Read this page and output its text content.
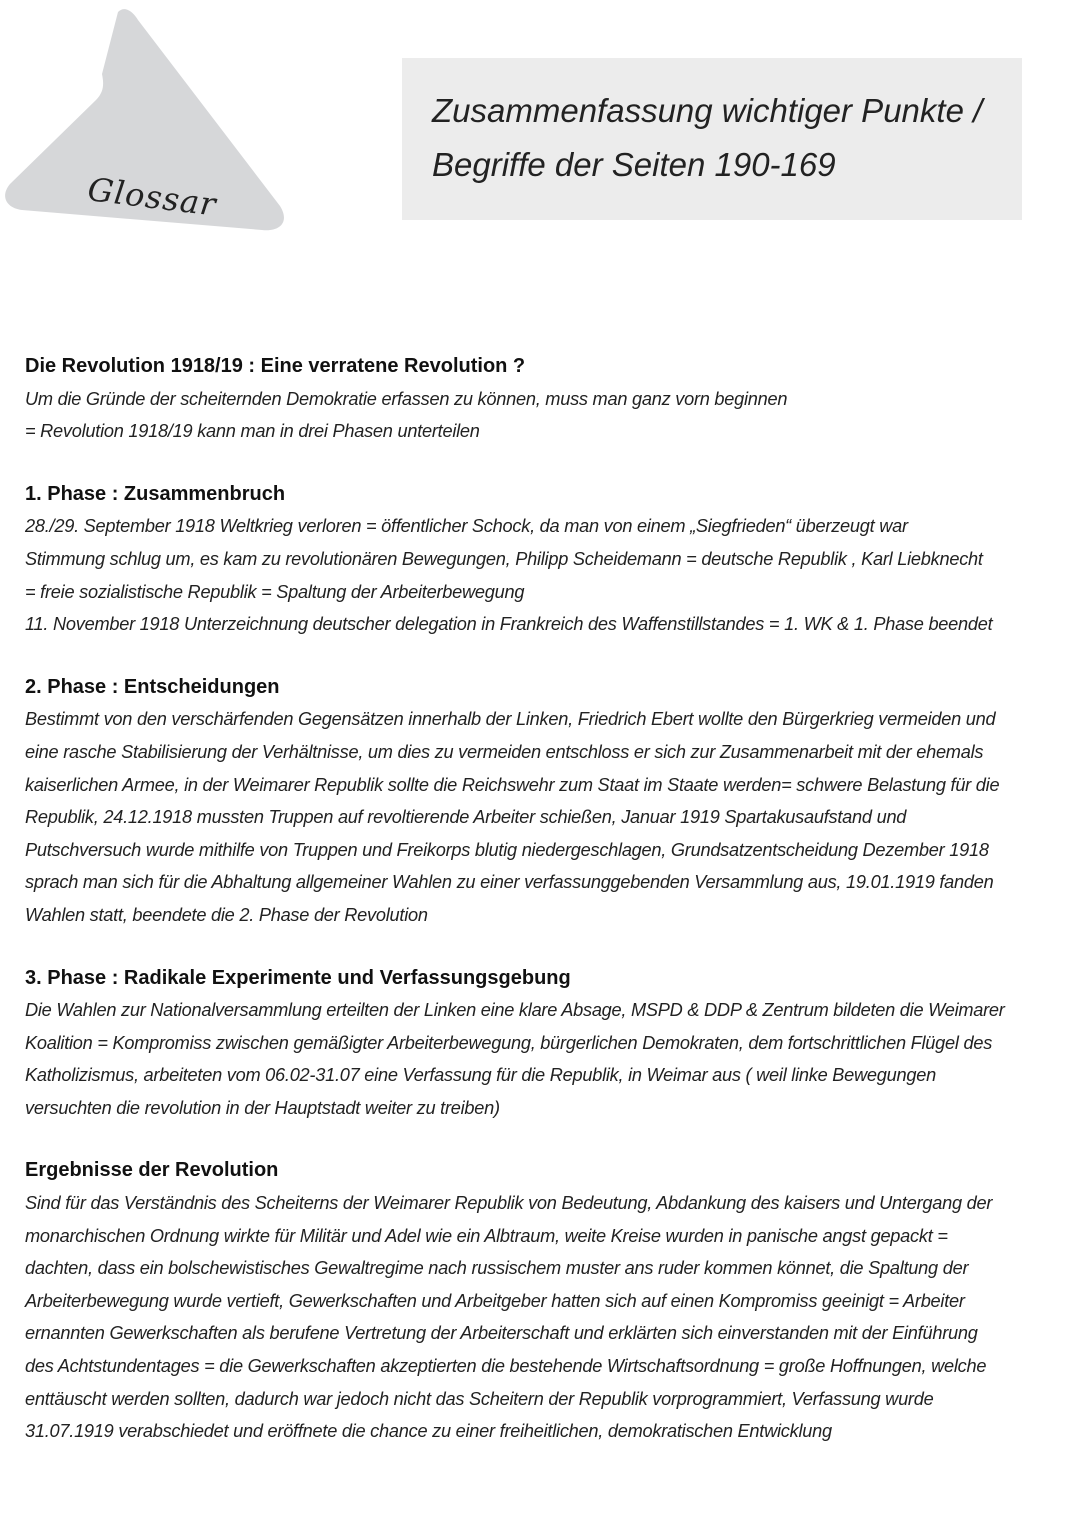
Glossar
Zusammenfassung wichtiger Punkte /
Begriffe der Seiten 190-169
Die Revolution 1918/19 : Eine verratene Revolution ?

Um die Gründe der scheiternden Demokratie erfassen zu können, muss man ganz vorn beginnen

= Revolution 1918/19 kann man in drei Phasen unterteilen

1. Phase : Zusammenbruch

28./29. September 1918 Weltkrieg verloren = öffentlicher Schock, da man von einem „Siegfrieden“ überzeugt war

Stimmung schlug um, es kam zu revolutionären Bewegungen, Philipp Scheidemann = deutsche Republik , Karl Liebknecht

= freie sozialistische Republik = Spaltung der Arbeiterbewegung

11. November 1918 Unterzeichnung deutscher delegation in Frankreich des Waffenstillstandes = 1. WK & 1. Phase beendet

2. Phase : Entscheidungen

Bestimmt von den verschärfenden Gegensätzen innerhalb der Linken, Friedrich Ebert wollte den Bürgerkrieg vermeiden und

eine rasche Stabilisierung der Verhältnisse, um dies zu vermeiden entschloss er sich zur Zusammenarbeit mit der ehemals

kaiserlichen Armee, in der Weimarer Republik sollte die Reichswehr zum Staat im Staate werden= schwere Belastung für die

Republik, 24.12.1918 mussten Truppen auf revoltierende Arbeiter schießen, Januar 1919 Spartakusaufstand und

Putschversuch wurde mithilfe von Truppen und Freikorps blutig niedergeschlagen, Grundsatzentscheidung Dezember 1918

sprach man sich für die Abhaltung allgemeiner Wahlen zu einer verfassunggebenden Versammlung aus, 19.01.1919 fanden

Wahlen statt, beendete die 2. Phase der Revolution

3. Phase : Radikale Experimente und Verfassungsgebung

Die Wahlen zur Nationalversammlung erteilten der Linken eine klare Absage, MSPD & DDP & Zentrum bildeten die Weimarer

Koalition = Kompromiss zwischen gemäßigter Arbeiterbewegung, bürgerlichen Demokraten, dem fortschrittlichen Flügel des

Katholizismus, arbeiteten vom 06.02-31.07 eine Verfassung für die Republik, in Weimar aus ( weil linke Bewegungen

versuchten die revolution in der Hauptstadt weiter zu treiben)

Ergebnisse der Revolution

Sind für das Verständnis des Scheiterns der Weimarer Republik von Bedeutung, Abdankung des kaisers und Untergang der

monarchischen Ordnung wirkte für Militär und Adel wie ein Albtraum, weite Kreise wurden in panische angst gepackt =

dachten, dass ein bolschewistisches Gewaltregime nach russischem muster ans ruder kommen könnet, die Spaltung der

Arbeiterbewegung wurde vertieft, Gewerkschaften und Arbeitgeber hatten sich auf einen Kompromiss geeinigt = Arbeiter

ernannten Gewerkschaften als berufene Vertretung der Arbeiterschaft und erklärten sich einverstanden mit der Einführung

des Achtstundentages = die Gewerkschaften akzeptierten die bestehende Wirtschaftsordnung = große Hoffnungen, welche

enttäuscht werden sollten, dadurch war jedoch nicht das Scheitern der Republik vorprogrammiert, Verfassung wurde

31.07.1919 verabschiedet und eröffnete die chance zu einer freiheitlichen, demokratischen Entwicklung
